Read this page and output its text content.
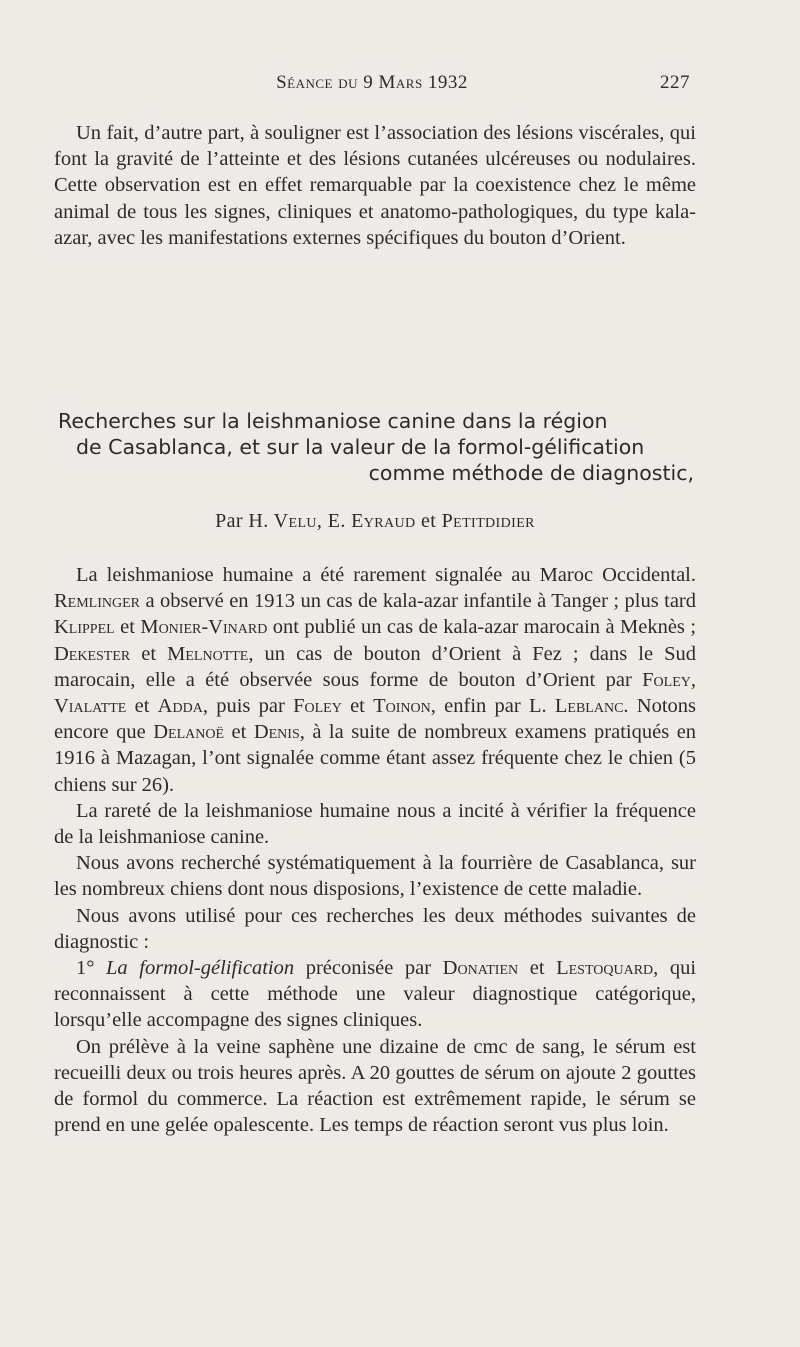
Séance du 9 Mars 1932	227

Un fait, d’autre part, à souligner est l’association des lésions viscérales, qui font la gravité de l’atteinte et des lésions cutanées ulcéreuses ou nodulaires. Cette observation est en effet remarquable par la coexistence chez le même animal de tous les signes, cliniques et anatomo-pathologiques, du type kala-azar, avec les manifestations externes spécifiques du bouton d’Orient.

Recherches sur la leishmaniose canine dans la région
de Casablanca, et sur la valeur de la formol-gélification
comme méthode de diagnostic,
Par H. Velu, E. Eyraud et Petitdidier

La leishmaniose humaine a été rarement signalée au Maroc Occidental. Remlinger a observé en 1913 un cas de kala-azar infantile à Tanger ; plus tard Klippel et Monier-Vinard ont publié un cas de kala-azar marocain à Meknès ; Dekester et Melnotte, un cas de bouton d’Orient à Fez ; dans le Sud marocain, elle a été observée sous forme de bouton d’Orient par Foley, Vialatte et Adda, puis par Foley et Toinon, enfin par L. Leblanc. Notons encore que Delanoë et Denis, à la suite de nombreux examens pratiqués en 1916 à Mazagan, l’ont signalée comme étant assez fréquente chez le chien (5 chiens sur 26).

La rareté de la leishmaniose humaine nous a incité à vérifier la fréquence de la leishmaniose canine.

Nous avons recherché systématiquement à la fourrière de Casablanca, sur les nombreux chiens dont nous disposions, l’existence de cette maladie.

Nous avons utilisé pour ces recherches les deux méthodes suivantes de diagnostic :

1° La formol-gélification préconisée par Donatien et Lestoquard, qui reconnaissent à cette méthode une valeur diagnostique catégorique, lorsqu’elle accompagne des signes cliniques.

On prélève à la veine saphène une dizaine de cmc de sang, le sérum est recueilli deux ou trois heures après. A 20 gouttes de sérum on ajoute 2 gouttes de formol du commerce. La réaction est extrêmement rapide, le sérum se prend en une gelée opalescente. Les temps de réaction seront vus plus loin.
